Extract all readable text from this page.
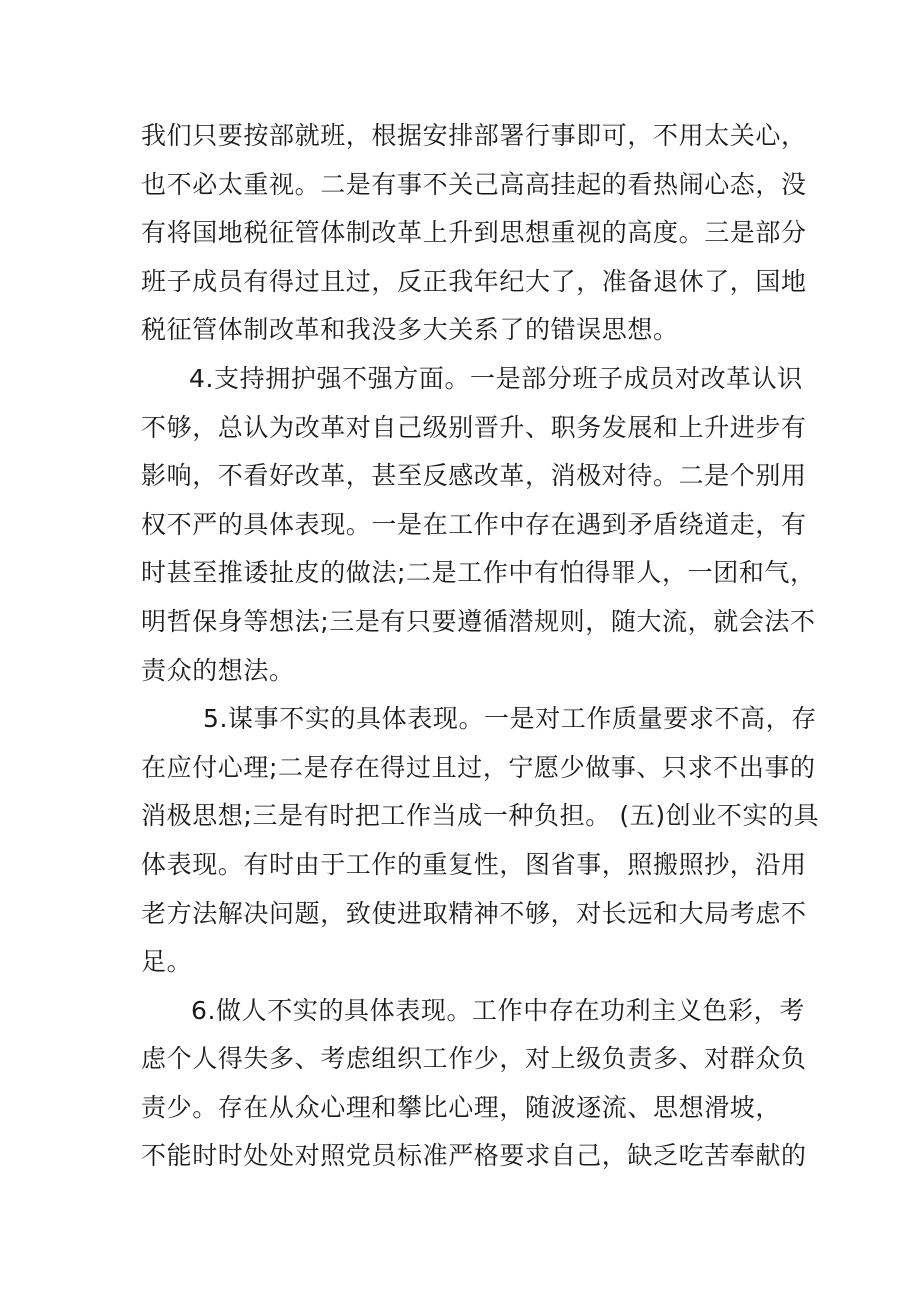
我们只要按部就班，根据安排部署行事即可，不用太关心，
也不必太重视。二是有事不关己高高挂起的看热闹心态，没
有将国地税征管体制改革上升到思想重视的高度。三是部分
班子成员有得过且过，反正我年纪大了，准备退休了，国地
税征管体制改革和我没多大关系了的错误思想。
4.支持拥护强不强方面。一是部分班子成员对改革认识
不够，总认为改革对自己级别晋升、职务发展和上升进步有
影响，不看好改革，甚至反感改革，消极对待。二是个别用
权不严的具体表现。一是在工作中存在遇到矛盾绕道走，有
时甚至推诿扯皮的做法;二是工作中有怕得罪人，一团和气，
明哲保身等想法;三是有只要遵循潜规则，随大流，就会法不
责众的想法。
5.谋事不实的具体表现。一是对工作质量要求不高，存
在应付心理;二是存在得过且过，宁愿少做事、只求不出事的
消极思想;三是有时把工作当成一种负担。 (五)创业不实的具
体表现。有时由于工作的重复性，图省事，照搬照抄，沿用
老方法解决问题，致使进取精神不够，对长远和大局考虑不
足。
6.做人不实的具体表现。工作中存在功利主义色彩，考
虑个人得失多、考虑组织工作少，对上级负责多、对群众负
责少。存在从众心理和攀比心理，随波逐流、思想滑坡，
不能时时处处对照党员标准严格要求自己，缺乏吃苦奉献的
